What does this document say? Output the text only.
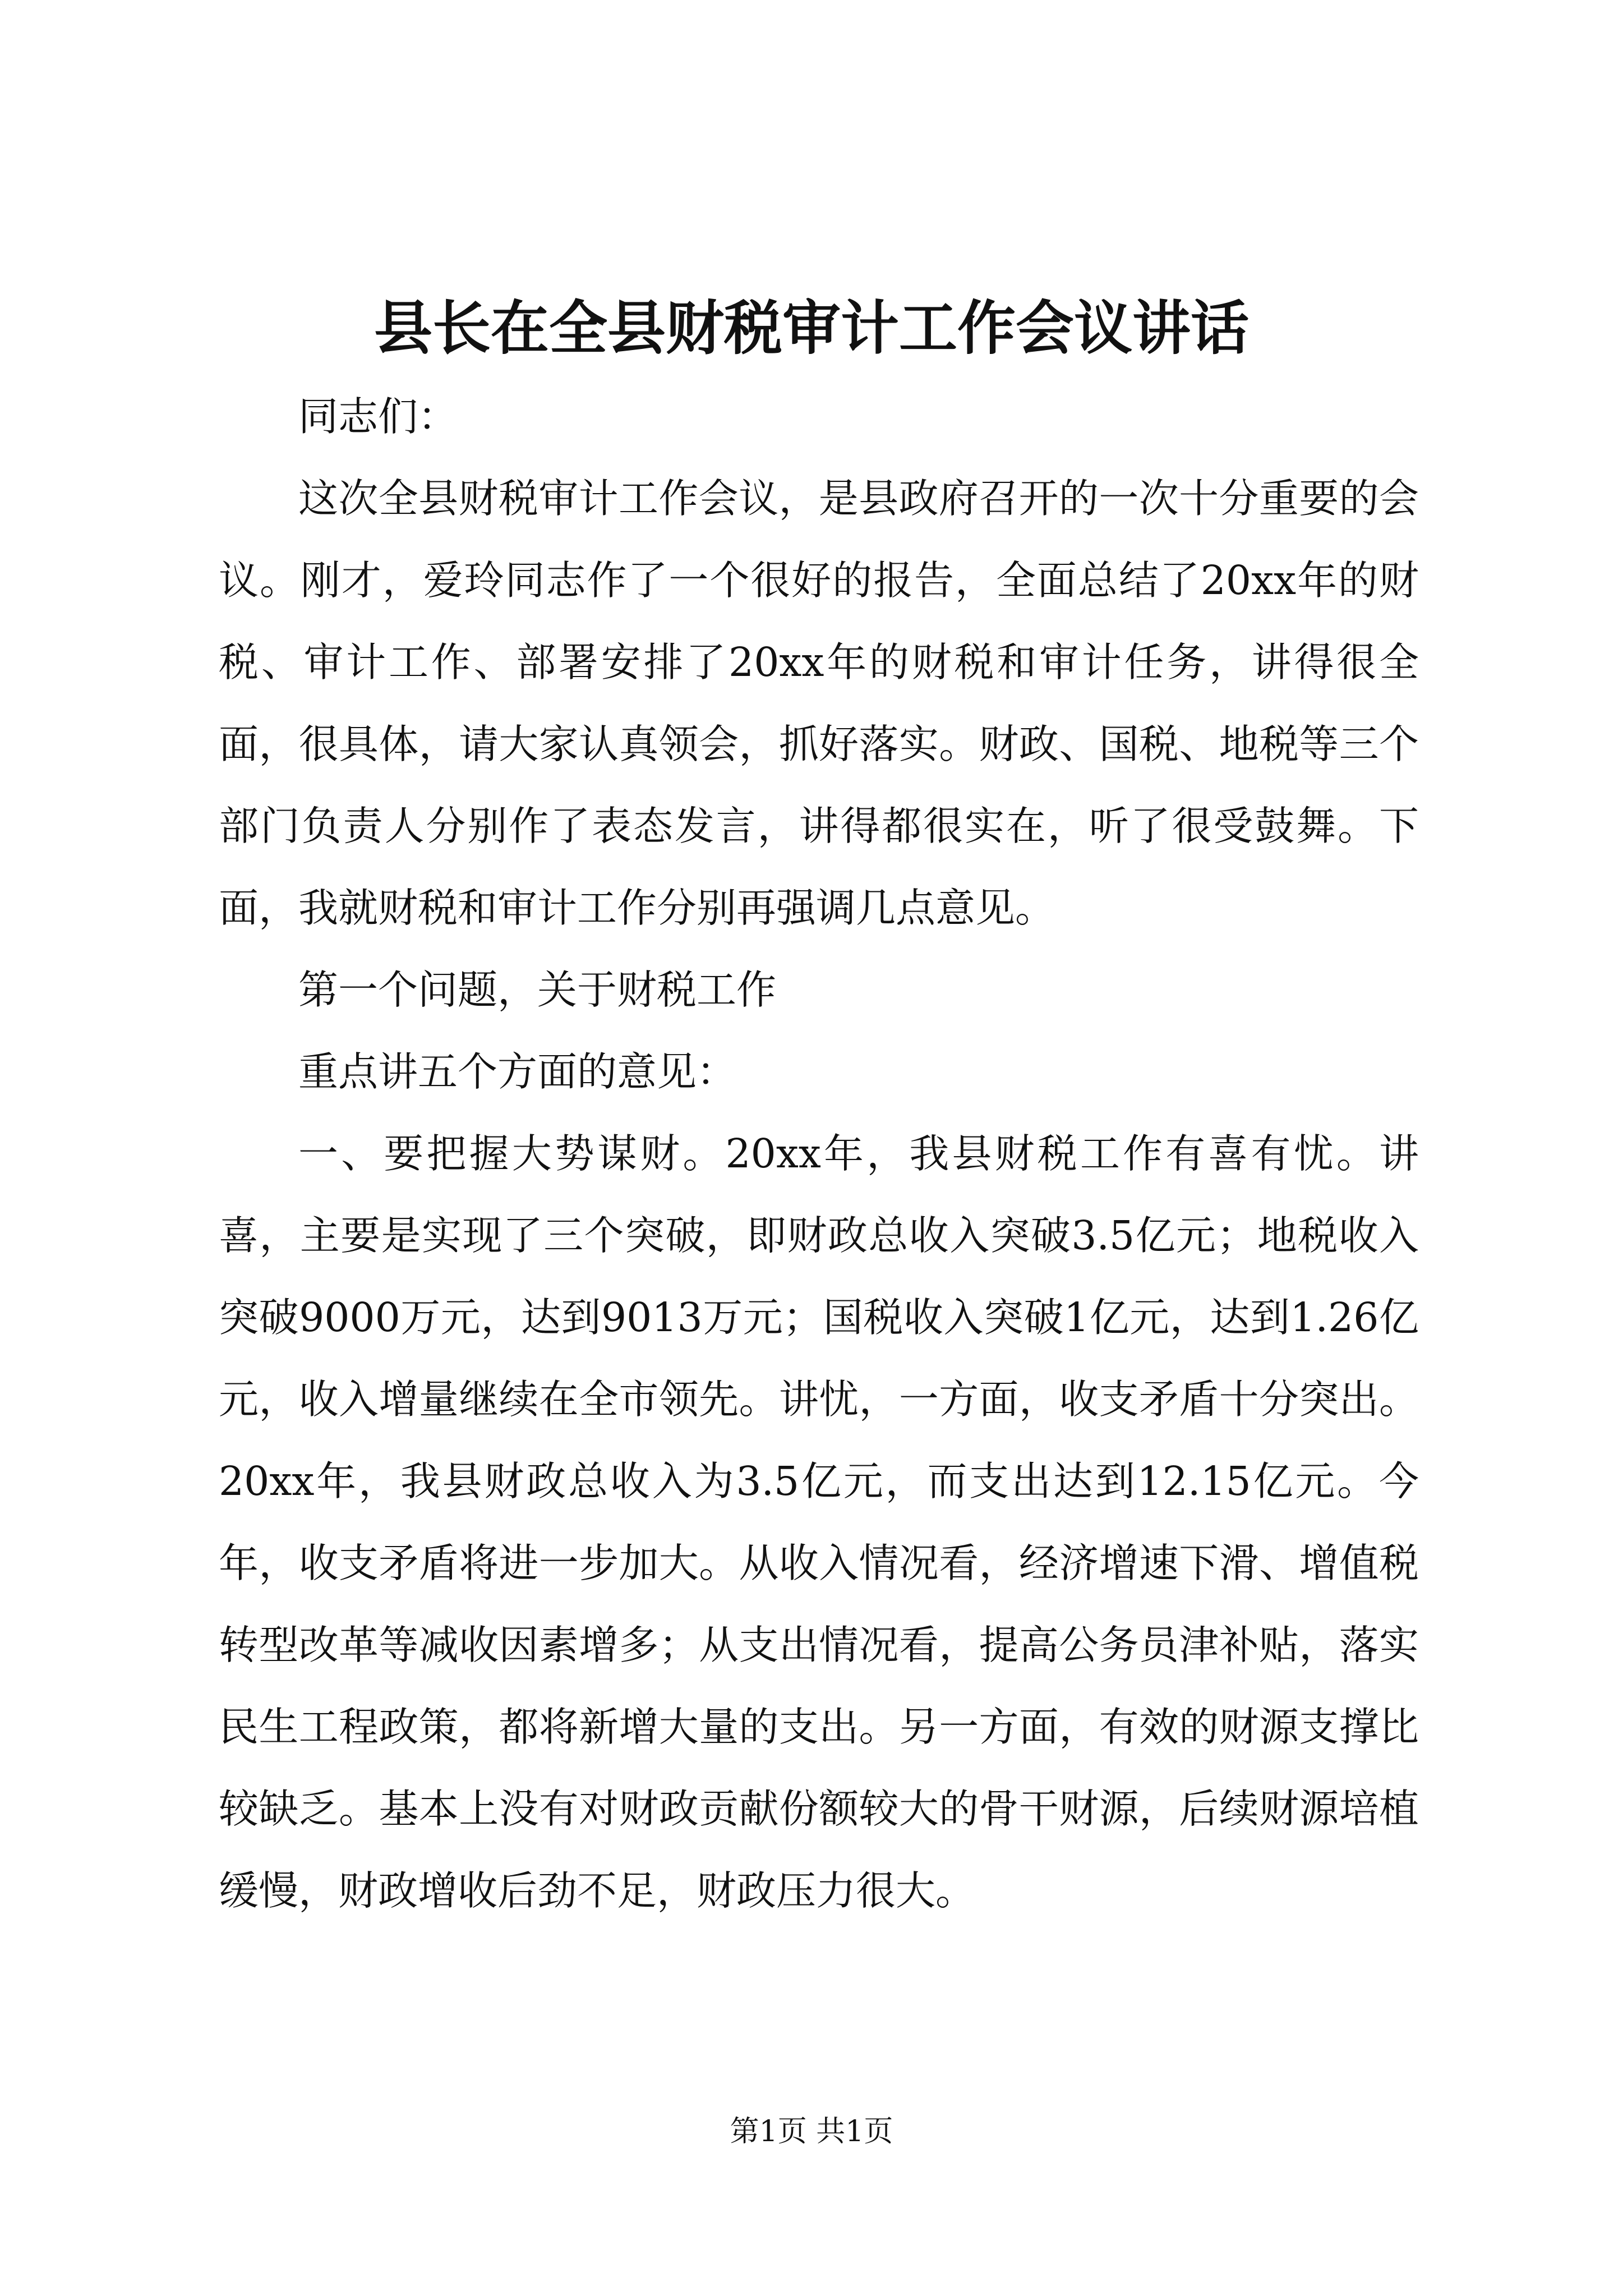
县长在全县财税审计工作会议讲话

同志们：

这次全县财税审计工作会议，是县政府召开的一次十分重要的会议。刚才，爱玲同志作了一个很好的报告，全面总结了20xx年的财税、审计工作、部署安排了20xx年的财税和审计任务，讲得很全面，很具体，请大家认真领会，抓好落实。财政、国税、地税等三个部门负责人分别作了表态发言，讲得都很实在，听了很受鼓舞。下面，我就财税和审计工作分别再强调几点意见。

第一个问题，关于财税工作

重点讲五个方面的意见：

一、要把握大势谋财。20xx年，我县财税工作有喜有忧。讲喜，主要是实现了三个突破，即财政总收入突破3.5亿元；地税收入突破9000万元，达到9013万元；国税收入突破1亿元，达到1.26亿元，收入增量继续在全市领先。讲忧，一方面，收支矛盾十分突出。20xx年，我县财政总收入为3.5亿元，而支出达到12.15亿元。今年，收支矛盾将进一步加大。从收入情况看，经济增速下滑、增值税转型改革等减收因素增多；从支出情况看，提高公务员津补贴，落实民生工程政策，都将新增大量的支出。另一方面，有效的财源支撑比较缺乏。基本上没有对财政贡献份额较大的骨干财源，后续财源培植缓慢，财政增收后劲不足，财政压力很大。

第1页 共1页
